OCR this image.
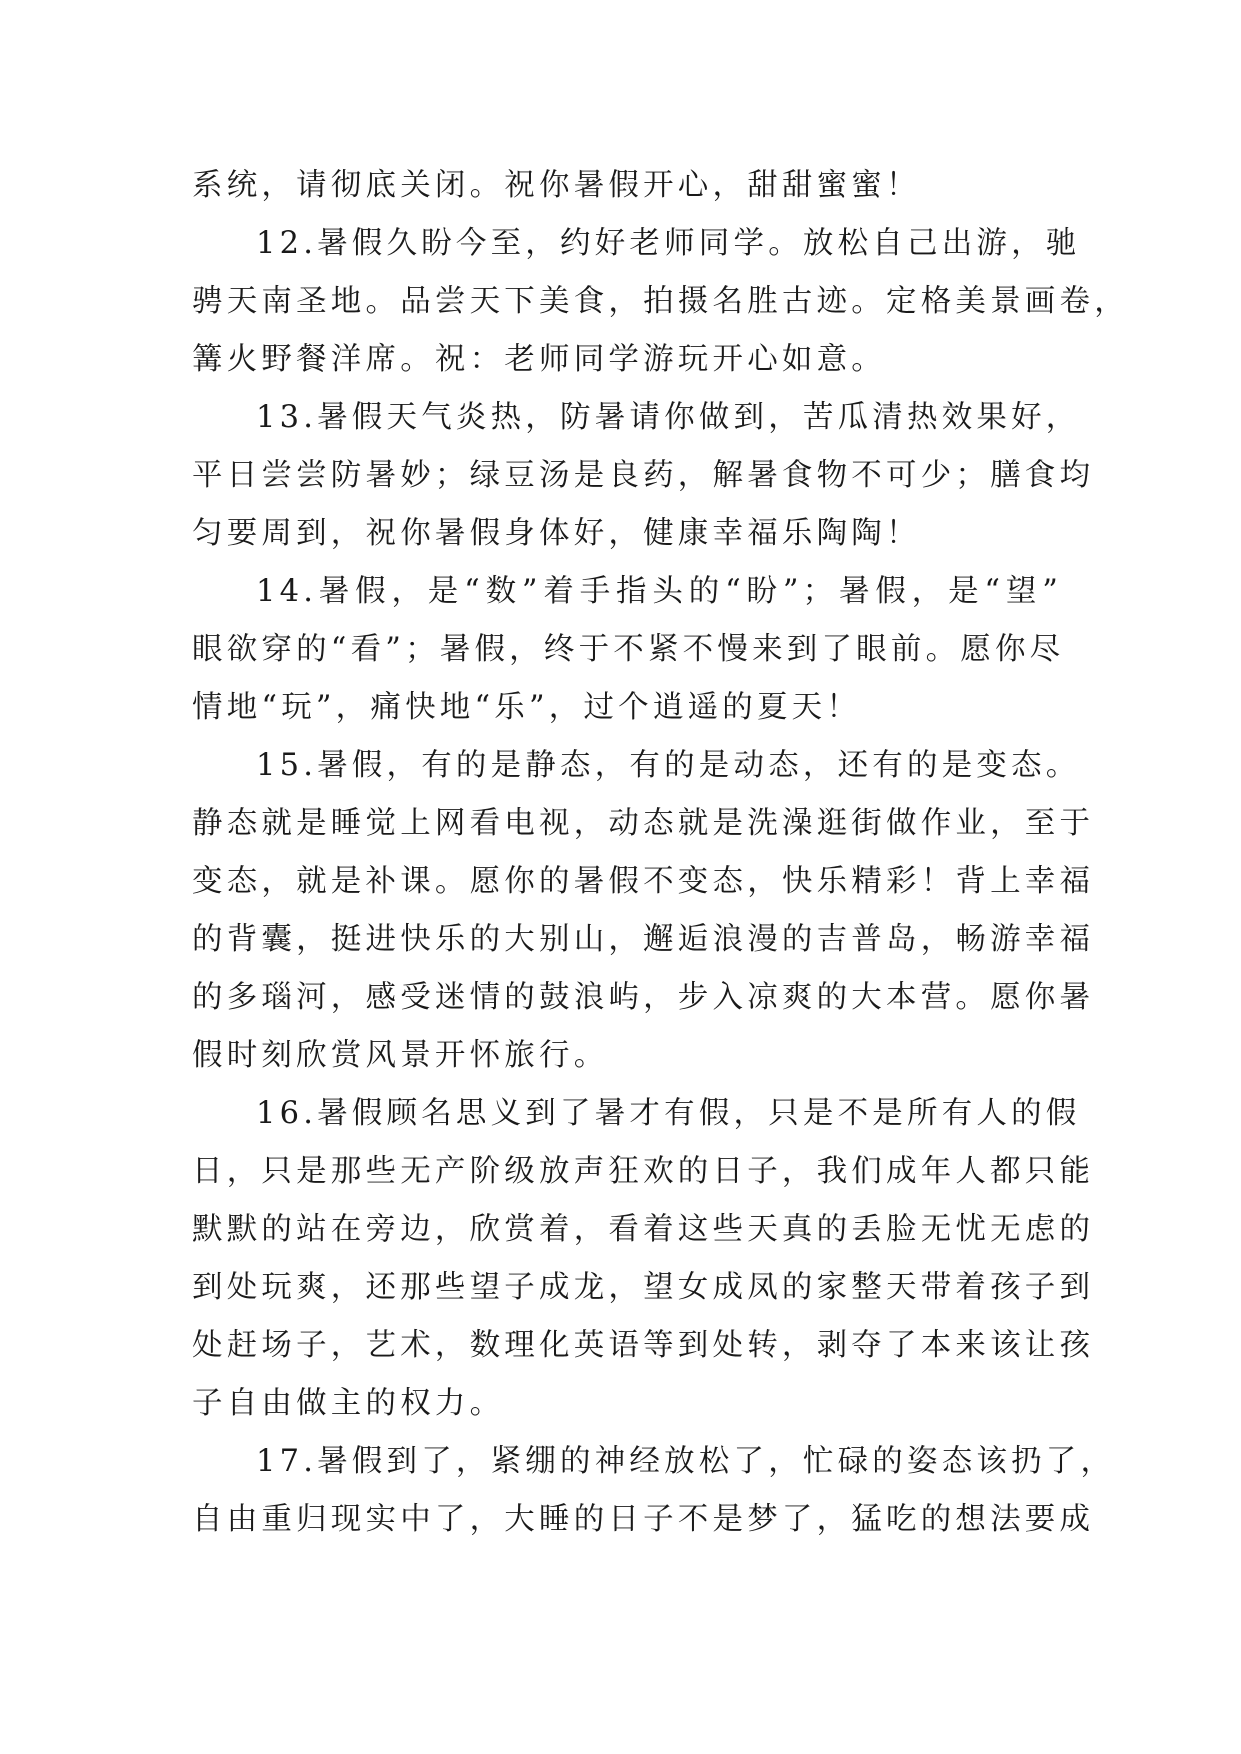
系统，请彻底关闭。祝你暑假开心，甜甜蜜蜜！
12.暑假久盼今至，约好老师同学。放松自己出游，驰
骋天南圣地。品尝天下美食，拍摄名胜古迹。定格美景画卷，
篝火野餐洋席。祝：老师同学游玩开心如意。
13.暑假天气炎热，防暑请你做到，苦瓜清热效果好，
平日尝尝防暑妙；绿豆汤是良药，解暑食物不可少；膳食均
匀要周到，祝你暑假身体好，健康幸福乐陶陶！
14.暑假，是“数”着手指头的“盼”；暑假，是“望”
眼欲穿的“看”；暑假，终于不紧不慢来到了眼前。愿你尽
情地“玩”，痛快地“乐”，过个逍遥的夏天！
15.暑假，有的是静态，有的是动态，还有的是变态。
静态就是睡觉上网看电视，动态就是洗澡逛街做作业，至于
变态，就是补课。愿你的暑假不变态，快乐精彩！背上幸福
的背囊，挺进快乐的大别山，邂逅浪漫的吉普岛，畅游幸福
的多瑙河，感受迷情的鼓浪屿，步入凉爽的大本营。愿你暑
假时刻欣赏风景开怀旅行。
16.暑假顾名思义到了暑才有假，只是不是所有人的假
日，只是那些无产阶级放声狂欢的日子，我们成年人都只能
默默的站在旁边，欣赏着，看着这些天真的丢脸无忧无虑的
到处玩爽，还那些望子成龙，望女成凤的家整天带着孩子到
处赶场子，艺术，数理化英语等到处转，剥夺了本来该让孩
子自由做主的权力。
17.暑假到了，紧绷的神经放松了，忙碌的姿态该扔了，
自由重归现实中了，大睡的日子不是梦了，猛吃的想法要成
